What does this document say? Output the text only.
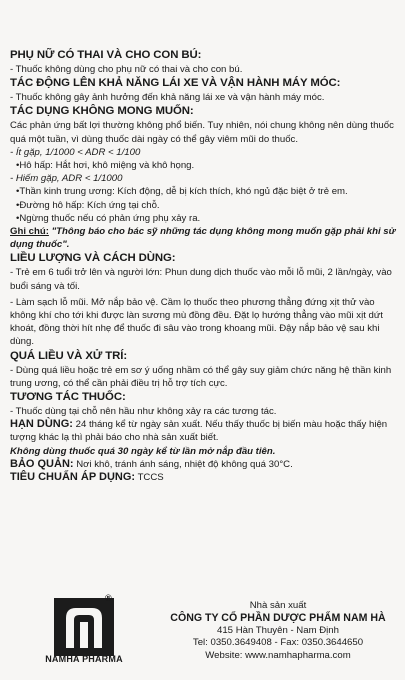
PHỤ NỮ CÓ THAI VÀ CHO CON BÚ:

- Thuốc không dùng cho phụ nữ có thai và cho con bú.

TÁC ĐỘNG LÊN KHẢ NĂNG LÁI XE VÀ VẬN HÀNH MÁY MÓC:

- Thuốc không gây ảnh hưởng đến khả năng lái xe và vận hành máy móc.

TÁC DỤNG KHÔNG MONG MUỐN:

Các phản ứng bất lợi thường không phổ biến. Tuy nhiên, nói chung không nên dùng thuốc quá một tuần, vì dùng thuốc dài ngày có thể gây viêm mũi do thuốc.

- Ít gặp, 1/1000 < ADR < 1/100

•Hô hấp: Hắt hơi, khô miệng và khô họng.

- Hiếm gặp, ADR < 1/1000

•Thần kinh trung ương: Kích động, dễ bị kích thích, khó ngủ đặc biệt ở trẻ em.

•Đường hô hấp: Kích ứng tại chỗ.

•Ngừng thuốc nếu có phản ứng phụ xảy ra.

Ghi chú: "Thông báo cho bác sỹ những tác dụng không mong muốn gặp phải khi sử dụng thuốc".

LIỀU LƯỢNG VÀ CÁCH DÙNG:

- Trẻ em 6 tuổi trở lên và người lớn: Phun dung dịch thuốc vào mỗi lỗ mũi, 2 lần/ngày, vào buổi sáng và tối.

- Làm sạch lỗ mũi. Mở nắp bảo vệ. Cầm lọ thuốc theo phương thẳng đứng xịt thử vào không khí cho tới khi được làn sương mù đồng đều. Đặt lọ hướng thẳng vào mũi xịt dứt khoát, đồng thời hít nhẹ để thuốc đi sâu vào trong khoang mũi. Đậy nắp bảo vệ sau khi dùng.

QUÁ LIỀU VÀ XỬ TRÍ:

- Dùng quá liều hoặc trẻ em sơ ý uống nhầm có thể gây suy giảm chức năng hệ thần kinh trung ương, có thể cần phải điều trị hỗ trợ tích cực.

TƯƠNG TÁC THUỐC:

- Thuốc dùng tại chỗ nên hầu như không xảy ra các tương tác.

HẠN DÙNG: 24 tháng kể từ ngày sản xuất. Nếu thấy thuốc bị biến màu hoặc thấy hiện tượng khác lạ thì phải báo cho nhà sản xuất biết.

Không dùng thuốc quá 30 ngày kể từ lần mở nắp đầu tiên.

BẢO QUẢN: Nơi khô, tránh ánh sáng, nhiệt độ không quá 30°C.

TIÊU CHUẨN ÁP DỤNG: TCCS

®
NAMHA PHARMA
Nhà sản xuất
CÔNG TY CỔ PHẦN DƯỢC PHẨM NAM HÀ
415 Hàn Thuyên - Nam Định
Tel: 0350.3649408 - Fax: 0350.3644650
Website: www.namhapharma.com
